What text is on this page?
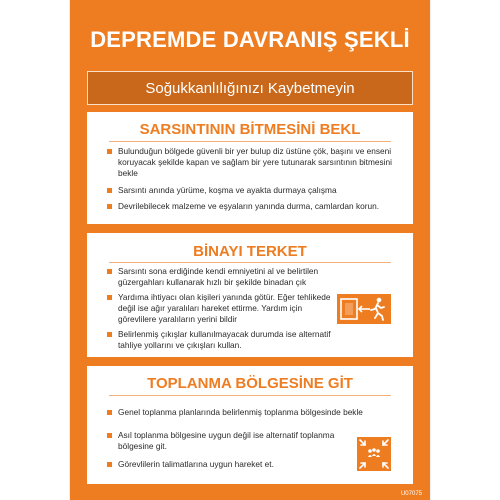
DEPREMDE DAVRANIŞ ŞEKLİ
Soğukkanlılığınızı Kaybetmeyin
SARSINTININ BİTMESİNİ BEKL
Bulunduğun bölgede güvenli bir yer bulup diz üstüne çök, başını ve enseni koruyacak şekilde kapan ve sağlam bir yere tutunarak sarsıntının bitmesini bekle
Sarsıntı anında yürüme, koşma ve ayakta durmaya çalışma
Devrilebilecek malzeme ve eşyaların yanında durma, camlardan korun.
BİNAYI TERKET
Sarsıntı sona erdiğinde kendi emniyetini al ve belirtilen güzergahları kullanarak hızlı bir şekilde binadan çık
Yardıma ihtiyacı olan kişileri yanında götür. Eğer tehlikede değil ise ağır yaralıları hareket ettirme. Yardım için görevlilere yaralıların yerini bildir
Belirlenmiş çıkışlar kullanılmayacak durumda ise alternatif tahliye yollarını ve çıkışları kullan.
TOPLANMA BÖLGESİNE GİT
Genel toplanma planlarında belirlenmiş toplanma bölgesinde bekle
Asıl toplanma bölgesine uygun değil ise alternatif toplanma bölgesine git.
Görevlilerin talimatlarına uygun hareket et.
U07075
